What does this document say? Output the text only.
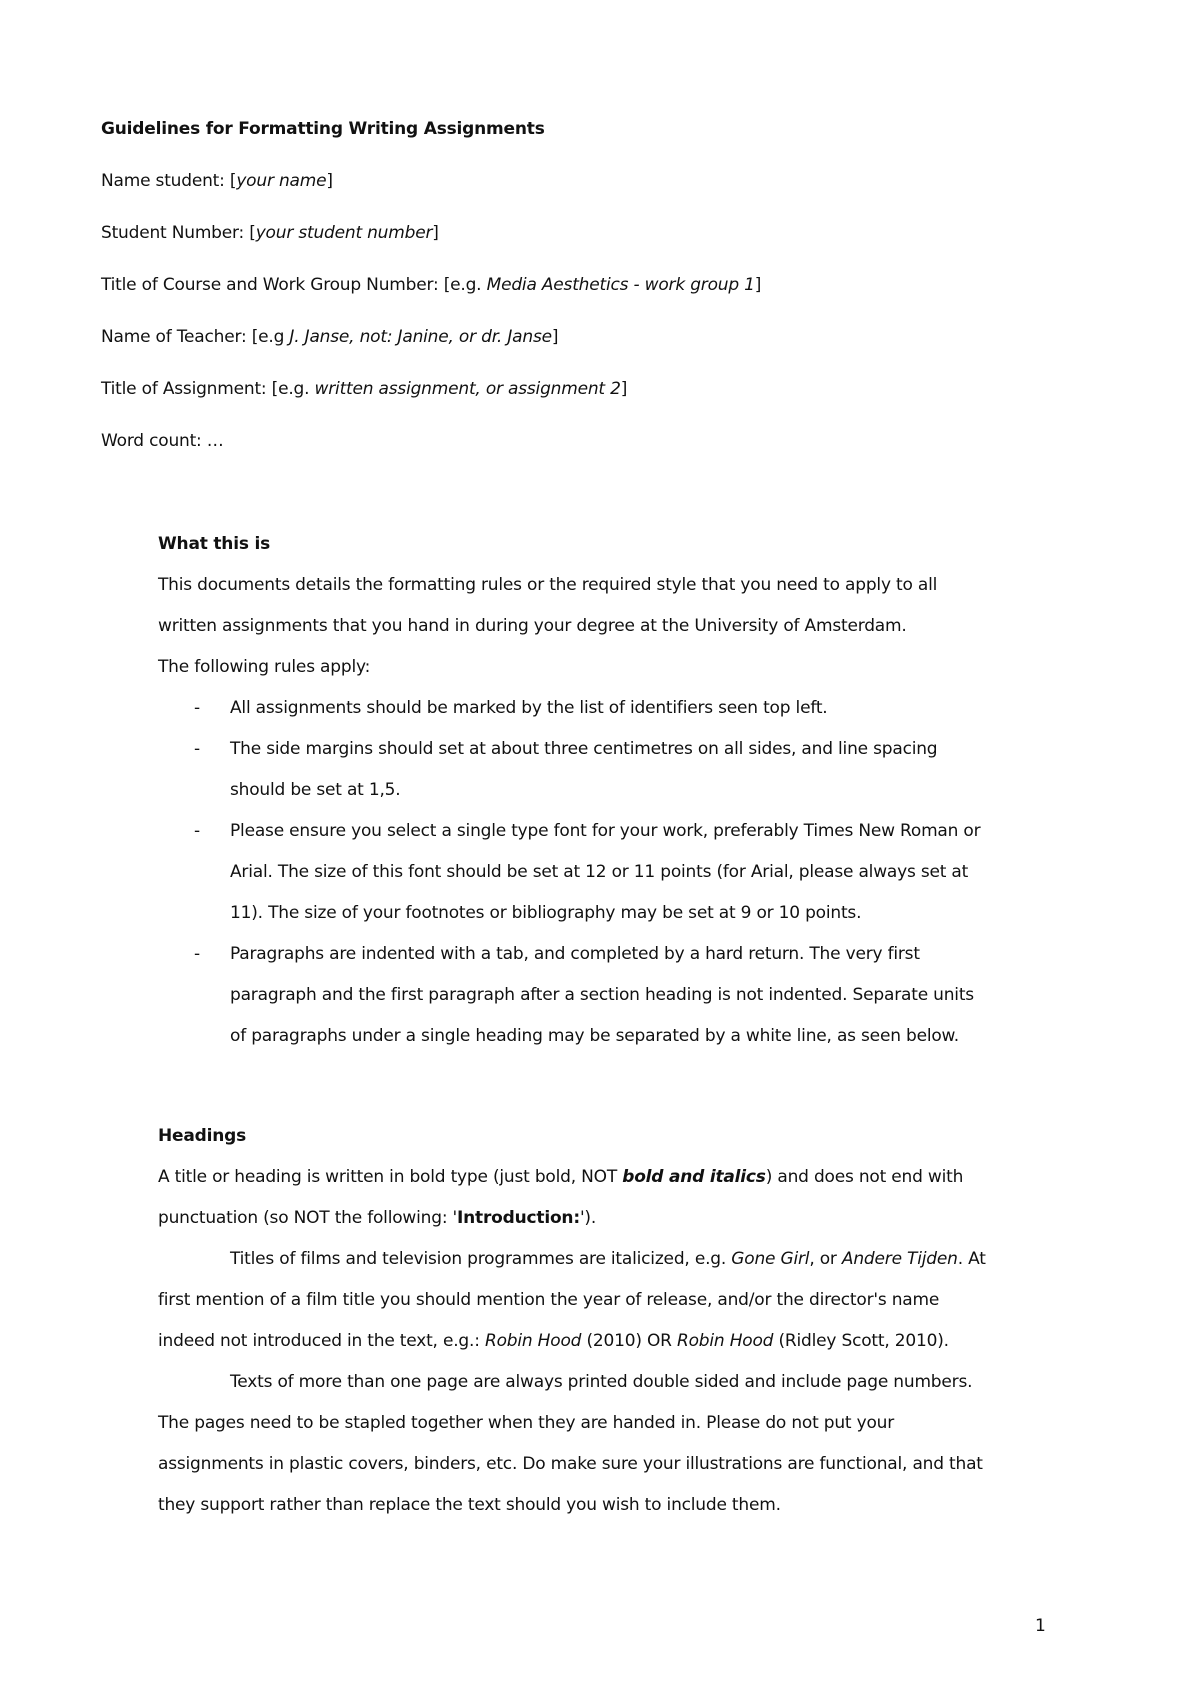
Guidelines for Formatting Writing Assignments
Name student: [your name]
Student Number: [your student number]
Title of Course and Work Group Number: [e.g. Media Aesthetics - work group 1]
Name of Teacher: [e.g J. Janse, not: Janine, or dr. Janse]
Title of Assignment: [e.g. written assignment, or assignment 2]
Word count: …
What this is
This documents details the formatting rules or the required style that you need to apply to all
written assignments that you hand in during your degree at the University of Amsterdam.
The following rules apply:
- All assignments should be marked by the list of identifiers seen top left.
- The side margins should set at about three centimetres on all sides, and line spacing
should be set at 1,5.
- Please ensure you select a single type font for your work, preferably Times New Roman or
Arial. The size of this font should be set at 12 or 11 points (for Arial, please always set at
11). The size of your footnotes or bibliography may be set at 9 or 10 points.
- Paragraphs are indented with a tab, and completed by a hard return. The very first
paragraph and the first paragraph after a section heading is not indented. Separate units
of paragraphs under a single heading may be separated by a white line, as seen below.
Headings
A title or heading is written in bold type (just bold, NOT bold and italics) and does not end with
punctuation (so NOT the following: 'Introduction:').
Titles of films and television programmes are italicized, e.g. Gone Girl, or Andere Tijden. At
first mention of a film title you should mention the year of release, and/or the director's name
indeed not introduced in the text, e.g.: Robin Hood (2010) OR Robin Hood (Ridley Scott, 2010).
Texts of more than one page are always printed double sided and include page numbers.
The pages need to be stapled together when they are handed in. Please do not put your
assignments in plastic covers, binders, etc. Do make sure your illustrations are functional, and that
they support rather than replace the text should you wish to include them.
1
